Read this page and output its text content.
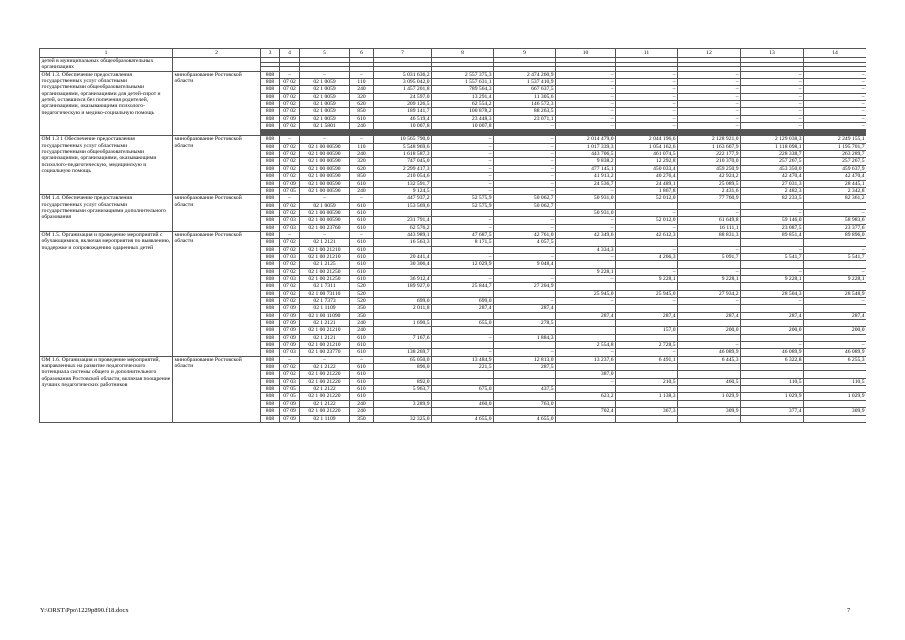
1	2	3	4	5	6	7	8	9	10	11	12	13	14
детей в муниципальных общеобразовательных организациях													

ОМ 1.3. Обеспечение предоставления государственных услуг областными государственными общеобразовательными организациями, организациями для детей-сирот и детей, оставшихся без попечения родителей, организациями, оказывающими психолого-педагогическую и медико-социальную помощь	минобразование Ростовской области	808	–	–	–	5 031 636,2	2 557 375,3	2 474 260,9	–	–	–	–	–
		808	07 02	02 1 0059	110	3 095 042,0	1 557 631,1	1 537 410,9	–	–	–	–	–
		808	07 02	02 1 0059	240	1 457 201,8	789 564,3	667 637,5	–	–	–	–	–
		808	07 02	02 1 0059	320	24 597,0	13 291,4	11 305,6	–	–	–	–	–
		808	07 02	02 1 0059	620	209 126,5	62 554,2	146 572,3	–	–	–	–	–
		808	07 02	02 1 0059	850	189 141,7	100 878,2	88 263,5	–	–	–	–	–
		808	07 09	02 1 0059	610	46 519,4	23 448,3	23 071,1	–	–	–	–	–
		808	07 02	02 1 5801	240	10 007,8	10 007,8	–	–	–	–	–	–

ОМ 1.3 1 Обеспечение предоставления государственных услуг областными государственными общеобразовательными организациями, организациями, оказывающими психолого-педагогическую, медицинскую и социальную помощь	минобразование Ростовской области	808	–	–	–	10 565 790,0	–	–	2 014 479,0	2 044 196,6	2 128 921,0	2 129 038,3	2 249 155,1
		808	07 02	02 1 00 00590	110	5 548 969,6	–	–	1 017 339,3	1 054 162,6	1 163 667,9	1 118 098,1	1 195 701,7
		808	07 02	02 1 00 00590	240	1 618 587,3	–	–	443 706,5	461 074,5	222 177,9	228 338,7	263 289,7
		808	07 02	02 1 00 00590	320	747 045,0	–	–	9 838,2	12 292,8	210 370,0	257 267,5	257 267,5
		808	07 02	02 1 00 00590	620	2 299 417,3	–	–	477 145,1	450 033,4	459 250,9	453 350,0	459 637,9
		808	07 02	02 1 00 00590	850	210 054,6	–	–	41 913,2	40 276,4	42 924,2	42 470,4	42 470,4
		808	07 09	02 1 00 00590	610	132 591,7	–	–	24 536,7	24 489,1	25 089,5	27 031,3	28 445,1
		808	07 05	02 1 00 00590	240	9 124,5	–	–	–	1 867,8	2 431,6	2 482,3	2 342,8
ОМ 1.4. Обеспечение предоставления государственных услуг областными государственными организациями дополнительного образования	минобразование Ростовской области	808	–	–	–	447 937,2	52 575,9	50 062,7	50 931,0	52 012,0	77 760,9	82 233,5	82 361,2
		808	07 02	02 1 0059	610	153 569,6	52 575,9	50 062,7					
		808	07 02	02 1 00 00590	610				50 931,0	–	–	–	–
		808	07 03	02 1 00 00590	610	231 791,4	–	–	–	52 012,0	61 649,8	59 146,0	58 983,6
		808	07 03	02 1 00 23760	610	62 576,2	–	–	–	–	16 111,1	23 087,5	23 377,6
ОМ 1.5. Организация и проведение мероприятий с обучающимися, включая мероприятия по выявлению, поддержке и сопровождению одаренных детей	минобразование Ростовской области	808	–	–	–	443 989,1	47 687,5	42 761,0	42 349,6	42 612,3	88 831,3	89 851,4	89 896,0
		808	07 02	02 1 2121	610	16 563,3	8 171,5	4 057,5					
		808	07 02	02 1 00 21210	610				4 334,3	–	–	–	–
		808	07 03	02 1 00 21210	610	20 441,4	–	–	–	4 266,3	5 091,7	5 541,7	5 541,7
		808	07 02	02 1 2125	610	30 306,4	12 029,9	9 048,4					
		808	07 02	02 1 00 21250	610				9 228,1	–	–	–	–
		808	07 03	02 1 00 21250	610	36 912,4	–	–	–	9 228,1	9 228,1	9 228,1	9 228,1
		808	07 02	02 1 7311	520	189 927,0	25 844,7	27 204,9					
		808	07 02	02 1 00 73110	520				25 945,0	25 945,0	27 934,2	28 504,3	28 548,9
		808	07 02	02 1 7373	520	699,0	699,0	–	–	–	–	–	–
		808	07 09	02 1 1109	350	2 011,8	287,4	287,4					
		808	07 09	02 1 00 11090	350				287,4	287,4	287,4	287,4	287,4
		808	07 09	02 1 2121	240	1 690,5	655,0	278,5					
		808	07 09	02 1 00 21210	240					157,0	200,0	200,0	200,0
		808	07 09	02 1 2121	610	7 167,6	–	1 884,3					
		808	07 09	02 1 00 21210	610				2 554,8	2 728,5	–	–	–
		808	07 03	02 1 00 23770	610	138 269,7	–	–	–	–	46 089,9	46 089,9	46 089,9
ОМ 1.6. Организация и проведение мероприятий, направленных на развитие педагогического потенциала системы общего и дополнительного образования Ростовской области, включая поощрение лучших педагогических работников	минобразование Ростовской области	808	–	–	–	65 050,0	13 484,9	12 813,0	13 237,6	6 491,1	6 445,3	6 322,8	6 255,3
		808	07 02	02 1 2122	610	896,0	221,5	287,5					
		808	07 02	02 1 00 21220	610				387,0				
		808	07 03	02 1 00 21220	610	892,0			–	210,5	460,5	110,5	110,5
		808	07 05	02 1 2122	610	5 963,7	675,0	437,5					
		808	07 05	02 1 00 21220	610				623,2	1 138,3	1 029,9	1 029,9	1 029,9
		808	07 09	02 1 2122	240	3 289,9	460,0	763,0					
		808	07 09	02 1 00 21220	240				702,4	367,3	309,9	377,4	309,9
		808	07 09	02 1 1109	350	32 325,0	4 655,0	4 655,0					
Y:\ORST\Ppo\1229p890.f18.docx	7
